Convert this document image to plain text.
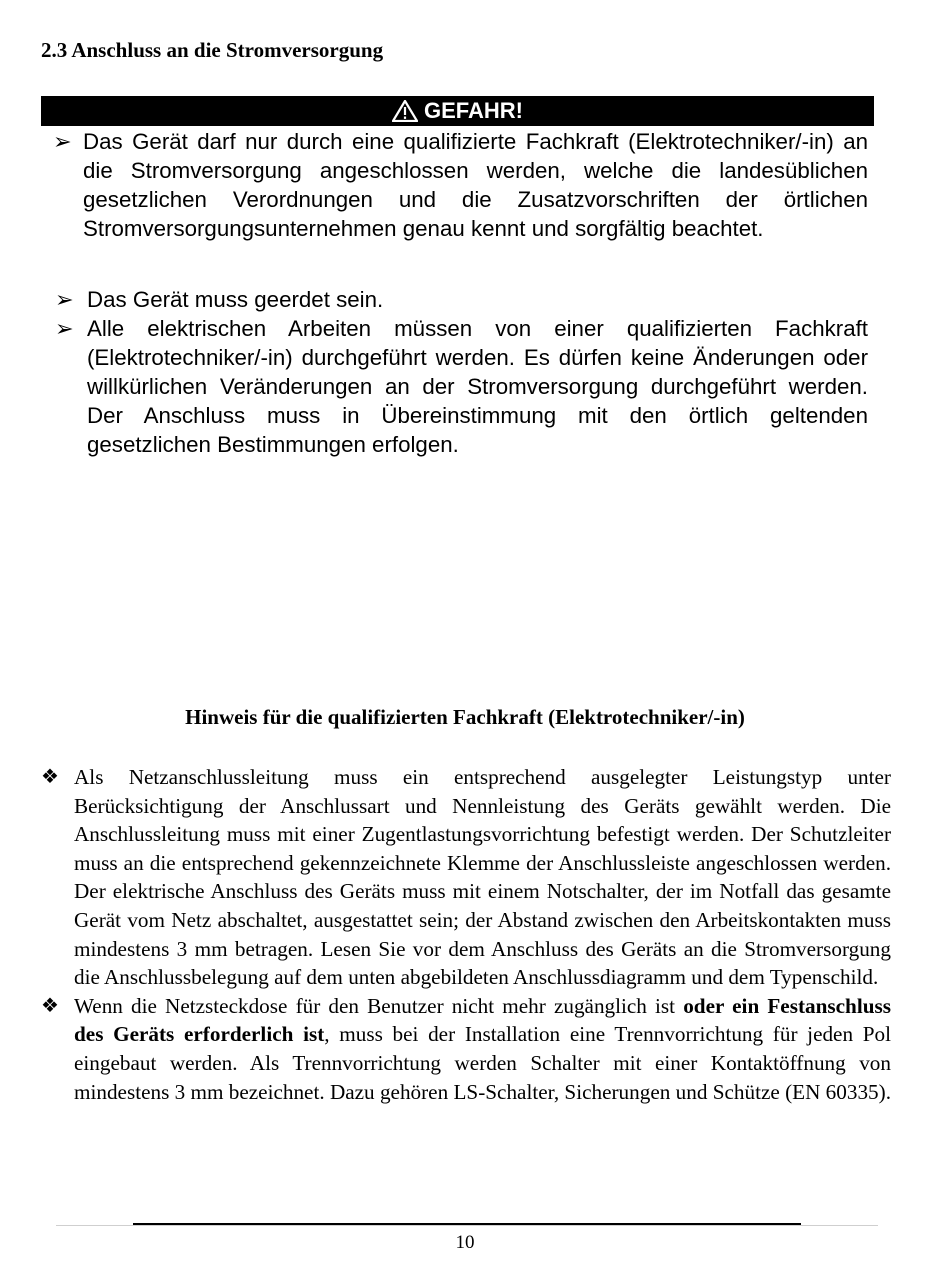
2.3 Anschluss an die Stromversorgung
GEFAHR!
➢ Das Gerät darf nur durch eine qualifizierte Fachkraft (Elektrotechniker/-in) an die Stromversorgung angeschlossen werden, welche die landesüblichen gesetzlichen Verordnungen und die Zusatzvorschriften der örtlichen Stromversorgungsunternehmen genau kennt und sorgfältig beachtet.
➢ Das Gerät muss geerdet sein.
➢ Alle elektrischen Arbeiten müssen von einer qualifizierten Fachkraft (Elektrotechniker/-in) durchgeführt werden. Es dürfen keine Änderungen oder willkürlichen Veränderungen an der Stromversorgung durchgeführt werden. Der Anschluss muss in Übereinstimmung mit den örtlich geltenden gesetzlichen Bestimmungen erfolgen.
Hinweis für die qualifizierten Fachkraft (Elektrotechniker/-in)
❖ Als Netzanschlussleitung muss ein entsprechend ausgelegter Leistungstyp unter Berücksichtigung der Anschlussart und Nennleistung des Geräts gewählt werden. Die Anschlussleitung muss mit einer Zugentlastungsvorrichtung befestigt werden. Der Schutzleiter muss an die entsprechend gekennzeichnete Klemme der Anschlussleiste angeschlossen werden. Der elektrische Anschluss des Geräts muss mit einem Notschalter, der im Notfall das gesamte Gerät vom Netz abschaltet, ausgestattet sein; der Abstand zwischen den Arbeitskontakten muss mindestens 3 mm betragen. Lesen Sie vor dem Anschluss des Geräts an die Stromversorgung die Anschlussbelegung auf dem unten abgebildeten Anschlussdiagramm und dem Typenschild.
❖ Wenn die Netzsteckdose für den Benutzer nicht mehr zugänglich ist oder ein Festanschluss des Geräts erforderlich ist, muss bei der Installation eine Trennvorrichtung für jeden Pol eingebaut werden. Als Trennvorrichtung werden Schalter mit einer Kontaktöffnung von mindestens 3 mm bezeichnet. Dazu gehören LS-Schalter, Sicherungen und Schütze (EN 60335).
10
